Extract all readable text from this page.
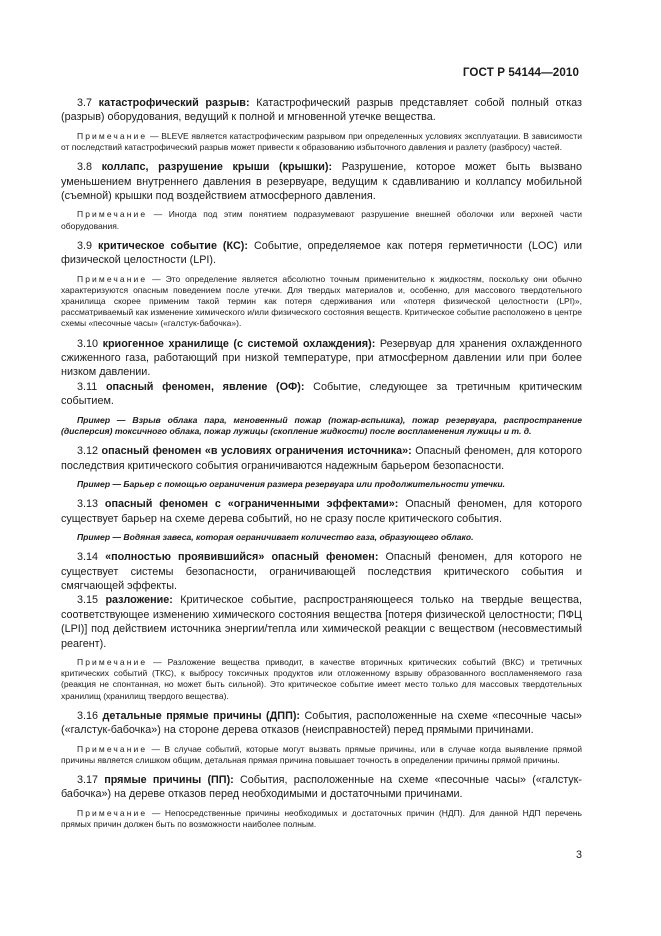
ГОСТ Р 54144—2010

3.7 катастрофический разрыв: Катастрофический разрыв представляет собой полный отказ (разрыв) оборудования, ведущий к полной и мгновенной утечке вещества.

Примечание — BLEVE является катастрофическим разрывом при определенных условиях эксплуатации. В зависимости от последствий катастрофический разрыв может привести к образованию избыточного давления и разлету (разбросу) частей.

3.8 коллапс, разрушение крыши (крышки): Разрушение, которое может быть вызвано уменьшением внутреннего давления в резервуаре, ведущим к сдавливанию и коллапсу мобильной (съемной) крышки под воздействием атмосферного давления.

Примечание — Иногда под этим понятием подразумевают разрушение внешней оболочки или верхней части оборудования.

3.9 критическое событие (КС): Событие, определяемое как потеря герметичности (LOC) или физической целостности (LPI).

Примечание — Это определение является абсолютно точным применительно к жидкостям, поскольку они обычно характеризуются опасным поведением после утечки. Для твердых материалов и, особенно, для массового твердотельного хранилища скорее применим такой термин как потеря сдерживания или «потеря физической целостности (LPI)», рассматриваемый как изменение химического и/или физического состояния веществ. Критическое событие расположено в центре схемы «песочные часы» («галстук-бабочка»).

3.10 криогенное хранилище (с системой охлаждения): Резервуар для хранения охлажденного сжиженного газа, работающий при низкой температуре, при атмосферном давлении или при более низком давлении.

3.11 опасный феномен, явление (ОФ): Событие, следующее за третичным критическим событием.

Пример — Взрыв облака пара, мгновенный пожар (пожар-вспышка), пожар резервуара, распространение (дисперсия) токсичного облака, пожар лужицы (скопление жидкости) после воспламенения лужицы и т. д.

3.12 опасный феномен «в условиях ограничения источника»: Опасный феномен, для которого последствия критического события ограничиваются надежным барьером безопасности.

Пример — Барьер с помощью ограничения размера резервуара или продолжительности утечки.

3.13 опасный феномен с «ограниченными эффектами»: Опасный феномен, для которого существует барьер на схеме дерева событий, но не сразу после критического события.

Пример — Водяная завеса, которая ограничивает количество газа, образующего облако.

3.14 «полностью проявившийся» опасный феномен: Опасный феномен, для которого не существует системы безопасности, ограничивающей последствия критического события и смягчающей эффекты.

3.15 разложение: Критическое событие, распространяющееся только на твердые вещества, соответствующее изменению химического состояния вещества [потеря физической целостности; ПФЦ (LPI)] под действием источника энергии/тепла или химической реакции с веществом (несовместимый реагент).

Примечание — Разложение вещества приводит, в качестве вторичных критических событий (ВКС) и третичных критических событий (ТКС), к выбросу токсичных продуктов или отложенному взрыву образованного воспламеняемого газа (реакция не спонтанная, но может быть сильной). Это критическое событие имеет место только для массовых твердотельных хранилищ (хранилищ твердого вещества).

3.16 детальные прямые причины (ДПП): События, расположенные на схеме «песочные часы» («галстук-бабочка») на стороне дерева отказов (неисправностей) перед прямыми причинами.

Примечание — В случае событий, которые могут вызвать прямые причины, или в случае когда выявление прямой причины является слишком общим, детальная прямая причина повышает точность в определении причины прямой причины.

3.17 прямые причины (ПП): События, расположенные на схеме «песочные часы» («галстук-бабочка») на дереве отказов перед необходимыми и достаточными причинами.

Примечание — Непосредственные причины необходимых и достаточных причин (НДП). Для данной НДП перечень прямых причин должен быть по возможности наиболее полным.

3
